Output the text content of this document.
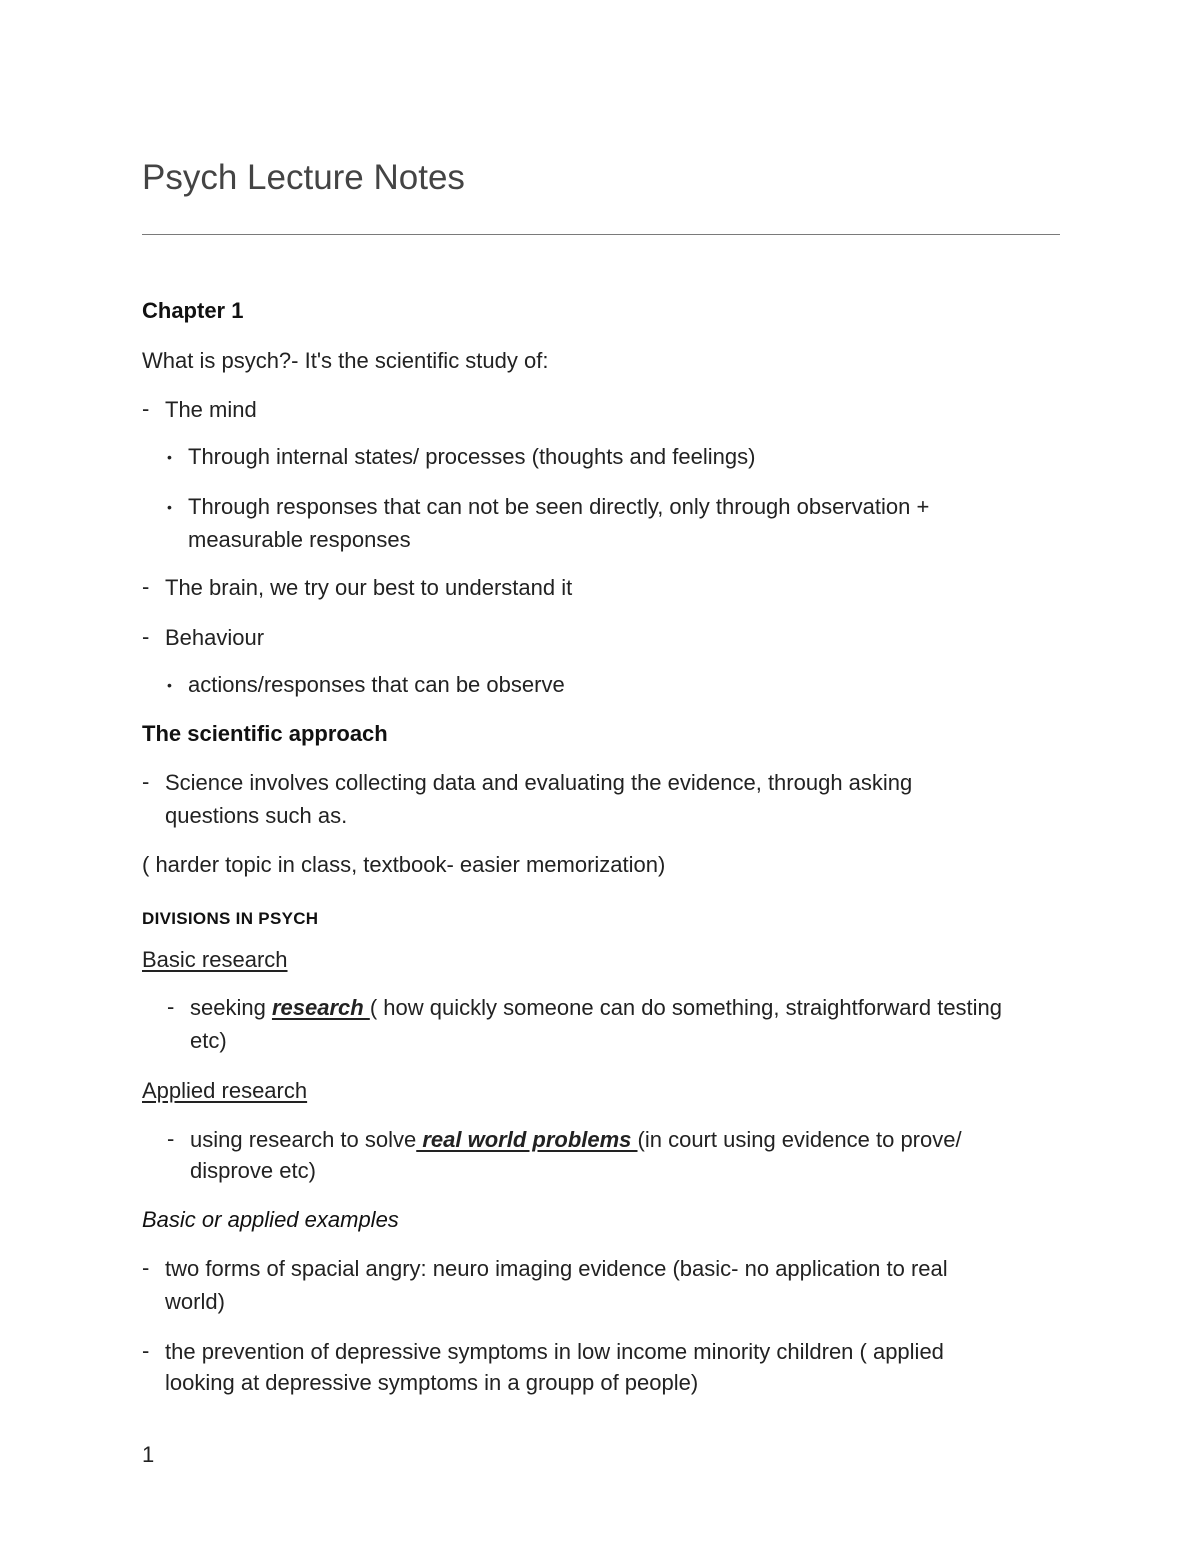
Psych Lecture Notes
Chapter 1
What is psych?- It's the scientific study of:
- The mind
• Through internal states/ processes (thoughts and feelings)
• Through responses that can not be seen directly, only through observation +
measurable responses
- The brain, we try our best to understand it
- Behaviour
• actions/responses that can be observe
The scientific approach
- Science involves collecting data and evaluating the evidence, through asking
questions such as.
( harder topic in class, textbook- easier memorization)
DIVISIONS IN PSYCH
Basic research
- seeking research ( how quickly someone can do something, straightforward testing
etc)
Applied research
- using research to solve real world problems (in court using evidence to prove/
disprove etc)
Basic or applied examples
- two forms of spacial angry: neuro imaging evidence (basic- no application to real
world)
- the prevention of depressive symptoms in low income minority children ( applied
looking at depressive symptoms in a groupp of people)
1
